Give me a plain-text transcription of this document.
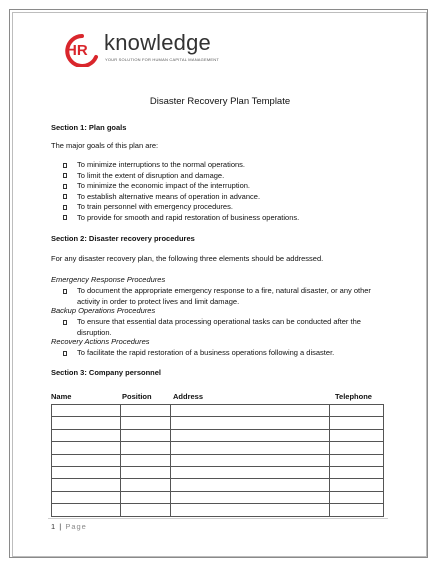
HR knowledge
YOUR SOLUTION FOR HUMAN CAPITAL MANAGEMENT
Disaster Recovery Plan Template
Section 1: Plan goals
The major goals of this plan are:
To minimize interruptions to the normal operations.
To limit the extent of disruption and damage.
To minimize the economic impact of the interruption.
To establish alternative means of operation in advance.
To train personnel with emergency procedures.
To provide for smooth and rapid restoration of business operations.
Section 2: Disaster recovery procedures
For any disaster recovery plan, the following three elements should be addressed.
Emergency Response Procedures
To document the appropriate emergency response to a fire, natural disaster, or any other activity in order to protect lives and limit damage.
Backup Operations Procedures
To ensure that essential data processing operational tasks can be conducted after the disruption.
Recovery Actions Procedures
To facilitate the rapid restoration of a business operations following a disaster.
Section 3: Company personnel
Name	Position	Address	Telephone

1 | Page
